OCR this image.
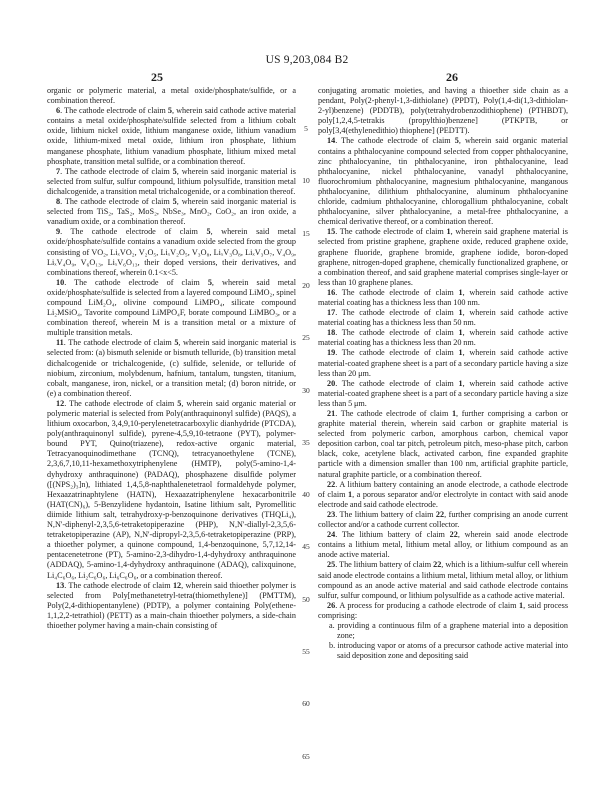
US 9,203,084 B2
25	26
5
10
15
20
25
30
35
40
45
50
55
60
65

organic or polymeric material, a metal oxide/phosphate/sulfide, or a combination thereof.

6. The cathode electrode of claim 5, wherein said cathode active material contains a metal oxide/phosphate/sulfide selected from a lithium cobalt oxide, lithium nickel oxide, lithium manganese oxide, lithium vanadium oxide, lithium-mixed metal oxide, lithium iron phosphate, lithium manganese phosphate, lithium vanadium phosphate, lithium mixed metal phosphate, transition metal sulfide, or a combination thereof.

7. The cathode electrode of claim 5, wherein said inorganic material is selected from sulfur, sulfur compound, lithium polysulfide, transition metal dichalcogenide, a transition metal trichalcogenide, or a combination thereof.

8. The cathode electrode of claim 5, wherein said inorganic material is selected from TiS₂, TaS₂, MoS₂, NbSe₃, MnO₂, CoO₂, an iron oxide, a vanadium oxide, or a combination thereof.

9. The cathode electrode of claim 5, wherein said metal oxide/phosphate/sulfide contains a vanadium oxide selected from the group consisting of VO₂, LiₓVO₂, V₂O₅, LiₓV₂O₅, V₃O₈, LiₓV₃O₈, LiₓV₃O₇, V₄O₉, LiₓV₄O₉, V₆O₁₃, LiₓV₆O₁₃, their doped versions, their derivatives, and combinations thereof, wherein 0.1<x<5.

10. The cathode electrode of claim 5, wherein said metal oxide/phosphate/sulfide is selected from a layered compound LiMO₂, spinel compound LiM₂O₄, olivine compound LiMPO₄, silicate compound Li₂MSiO₄, Tavorite compound LiMPO₄F, borate compound LiMBO₃, or a combination thereof, wherein M is a transition metal or a mixture of multiple transition metals.

11. The cathode electrode of claim 5, wherein said inorganic material is selected from: (a) bismuth selenide or bismuth telluride, (b) transition metal dichalcogenide or trichalcogenide, (c) sulfide, selenide, or telluride of niobium, zirconium, molybdenum, hafnium, tantalum, tungsten, titanium, cobalt, manganese, iron, nickel, or a transition metal; (d) boron nitride, or (e) a combination thereof.

12. The cathode electrode of claim 5, wherein said organic material or polymeric material is selected from Poly(anthraquinonyl sulfide) (PAQS), a lithium oxocarbon, 3,4,9,10-perylenetetracarboxylic dianhydride (PTCDA), poly(anthraquinonyl sulfide), pyrene-4,5,9,10-tetraone (PYT), polymer-bound PYT, Quino(triazene), redox-active organic material, Tetracyanoquinodimethane (TCNQ), tetracyanoethylene (TCNE), 2,3,6,7,10,11-hexamethoxytriphenylene (HMTP), poly(5-amino-1,4-dyhydroxy anthraquinone) (PADAQ), phosphazene disulfide polymer ([(NPS₂)₃]n), lithiated 1,4,5,8-naphthalenetetraol formaldehyde polymer, Hexaazatrinaphtylene (HATN), Hexaazatriphenylene hexacarbonitrile (HAT(CN)₆), 5-Benzylidene hydantoin, Isatine lithium salt, Pyromellitic diimide lithium salt, tetrahydroxy-p-benzoquinone derivatives (THQLi₄), N,N'-diphenyl-2,3,5,6-tetraketopiperazine (PHP), N,N'-diallyl-2,3,5,6-tetraketopiperazine (AP), N,N'-dipropyl-2,3,5,6-tetraketopiperazine (PRP), a thioether polymer, a quinone compound, 1,4-benzoquinone, 5,7,12,14-pentacenetetrone (PT), 5-amino-2,3-dihydro-1,4-dyhydroxy anthraquinone (ADDAQ), 5-amino-1,4-dyhydroxy anthraquinone (ADAQ), calixquinone, Li₄C₆O₆, Li₂C₆O₆, Li₆C₆O₆, or a combination thereof.

13. The cathode electrode of claim 12, wherein said thioether polymer is selected from Poly[methanetetryl-tetra(thiomethylene)] (PMTTM), Poly(2,4-dithiopentanylene) (PDTP), a polymer containing Poly(ethene-1,1,2,2-tetrathiol) (PETT) as a main-chain thioether polymers, a side-chain thioether polymer having a main-chain consisting of

conjugating aromatic moieties, and having a thioether side chain as a pendant, Poly(2-phenyl-1,3-dithiolane) (PPDT), Poly(1,4-di(1,3-dithiolan-2-yl)benzene) (PDDTB), poly(tetrahydrobenzodithiophene) (PTHBDT), poly[1,2,4,5-tetrakis (propylthio)benzene] (PTKPTB, or poly[3,4(ethylenedithio) thiophene] (PEDTT).

14. The cathode electrode of claim 5, wherein said organic material contains a phthalocyanine compound selected from copper phthalocyanine, zinc phthalocyanine, tin phthalocyanine, iron phthalocyanine, lead phthalocyanine, nickel phthalocyanine, vanadyl phthalocyanine, fluorochromium phthalocyanine, magnesium phthalocyanine, manganous phthalocyanine, dilithium phthalocyanine, aluminum phthalocyanine chloride, cadmium phthalocyanine, chlorogallium phthalocyanine, cobalt phthalocyanine, silver phthalocyanine, a metal-free phthalocyanine, a chemical derivative thereof, or a combination thereof.

15. The cathode electrode of claim 1, wherein said graphene material is selected from pristine graphene, graphene oxide, reduced graphene oxide, graphene fluoride, graphene bromide, graphene iodide, boron-doped graphene, nitrogen-doped graphene, chemically functionalized graphene, or a combination thereof, and said graphene material comprises single-layer or less than 10 graphene planes.

16. The cathode electrode of claim 1, wherein said cathode active material coating has a thickness less than 100 nm.

17. The cathode electrode of claim 1, wherein said cathode active material coating has a thickness less than 50 nm.

18. The cathode electrode of claim 1, wherein said cathode active material coating has a thickness less than 20 nm.

19. The cathode electrode of claim 1, wherein said cathode active material-coated graphene sheet is a part of a secondary particle having a size less than 20 μm.

20. The cathode electrode of claim 1, wherein said cathode active material-coated graphene sheet is a part of a secondary particle having a size less than 5 μm.

21. The cathode electrode of claim 1, further comprising a carbon or graphite material therein, wherein said carbon or graphite material is selected from polymeric carbon, amorphous carbon, chemical vapor deposition carbon, coal tar pitch, petroleum pitch, meso-phase pitch, carbon black, coke, acetylene black, activated carbon, fine expanded graphite particle with a dimension smaller than 100 nm, artificial graphite particle, natural graphite particle, or a combination thereof.

22. A lithium battery containing an anode electrode, a cathode electrode of claim 1, a porous separator and/or electrolyte in contact with said anode electrode and said cathode electrode.

23. The lithium battery of claim 22, further comprising an anode current collector and/or a cathode current collector.

24. The lithium battery of claim 22, wherein said anode electrode contains a lithium metal, lithium metal alloy, or lithium compound as an anode active material.

25. The lithium battery of claim 22, which is a lithium-sulfur cell wherein said anode electrode contains a lithium metal, lithium metal alloy, or lithium compound as an anode active material and said cathode electrode contains sulfur, sulfur compound, or lithium polysulfide as a cathode active material.

26. A process for producing a cathode electrode of claim 1, said process comprising:

a. providing a continuous film of a graphene material into a deposition zone;

b. introducing vapor or atoms of a precursor cathode active material into said deposition zone and depositing said
